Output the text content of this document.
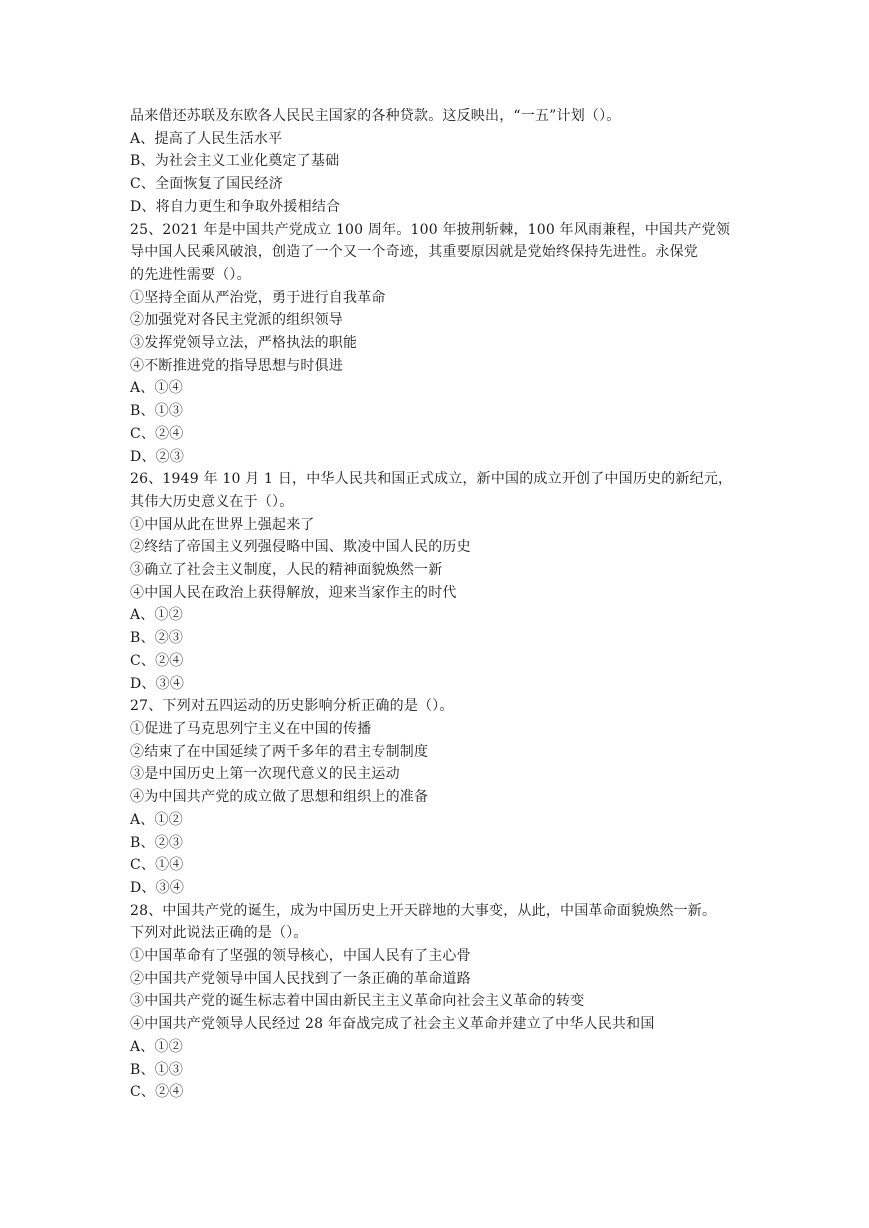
品来借还苏联及东欧各人民民主国家的各种贷款。这反映出，“一五”计划（）。
A、提高了人民生活水平
B、为社会主义工业化奠定了基础
C、全面恢复了国民经济
D、将自力更生和争取外援相结合
25、2021 年是中国共产党成立 100 周年。100 年披荆斩棘，100 年风雨兼程，中国共产党领
导中国人民乘风破浪，创造了一个又一个奇迹，其重要原因就是党始终保持先进性。永保党
的先进性需要（）。
①坚持全面从严治党，勇于进行自我革命
②加强党对各民主党派的组织领导
③发挥党领导立法，严格执法的职能
④不断推进党的指导思想与时俱进
A、①④
B、①③
C、②④
D、②③
26、1949 年 10 月 1 日，中华人民共和国正式成立，新中国的成立开创了中国历史的新纪元，
其伟大历史意义在于（）。
①中国从此在世界上强起来了
②终结了帝国主义列强侵略中国、欺凌中国人民的历史
③确立了社会主义制度，人民的精神面貌焕然一新
④中国人民在政治上获得解放，迎来当家作主的时代
A、①②
B、②③
C、②④
D、③④
27、下列对五四运动的历史影响分析正确的是（）。
①促进了马克思列宁主义在中国的传播
②结束了在中国延续了两千多年的君主专制制度
③是中国历史上第一次现代意义的民主运动
④为中国共产党的成立做了思想和组织上的准备
A、①②
B、②③
C、①④
D、③④
28、中国共产党的诞生，成为中国历史上开天辟地的大事变，从此，中国革命面貌焕然一新。
下列对此说法正确的是（）。
①中国革命有了坚强的领导核心，中国人民有了主心骨
②中国共产党领导中国人民找到了一条正确的革命道路
③中国共产党的诞生标志着中国由新民主主义革命向社会主义革命的转变
④中国共产党领导人民经过 28 年奋战完成了社会主义革命并建立了中华人民共和国
A、①②
B、①③
C、②④
